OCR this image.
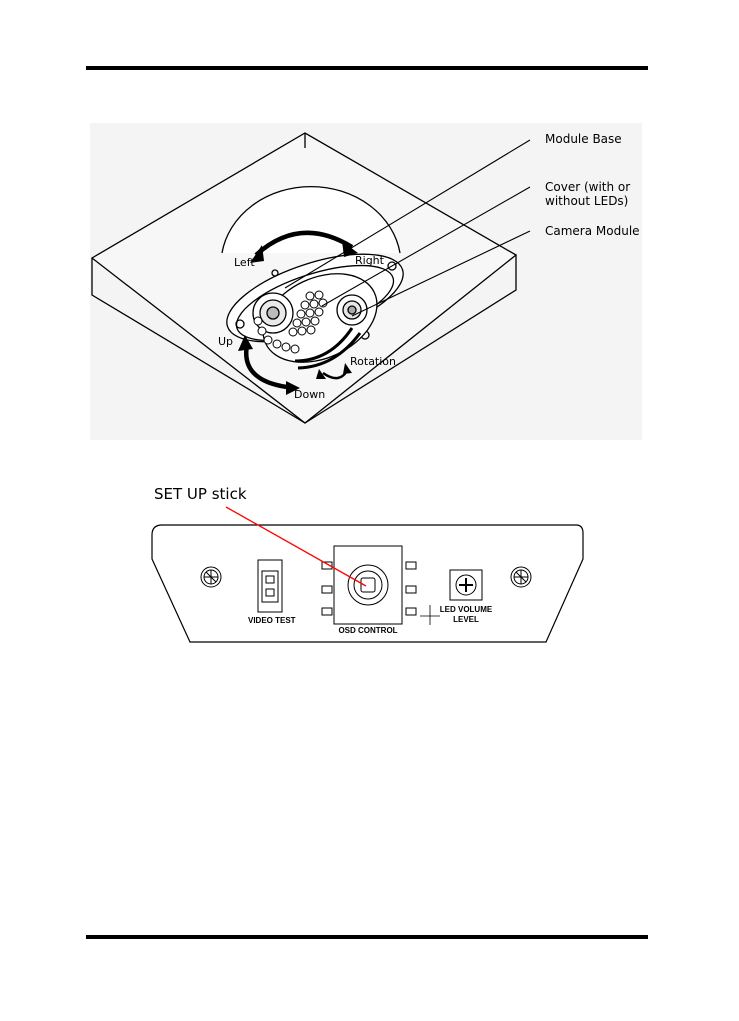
Module Base
Cover (with or
without LEDs)
Camera Module
Left	Right
Up
Down
Rotation
SET UP stick
VIDEO TEST
OSD CONTROL
LED VOLUME
LEVEL
